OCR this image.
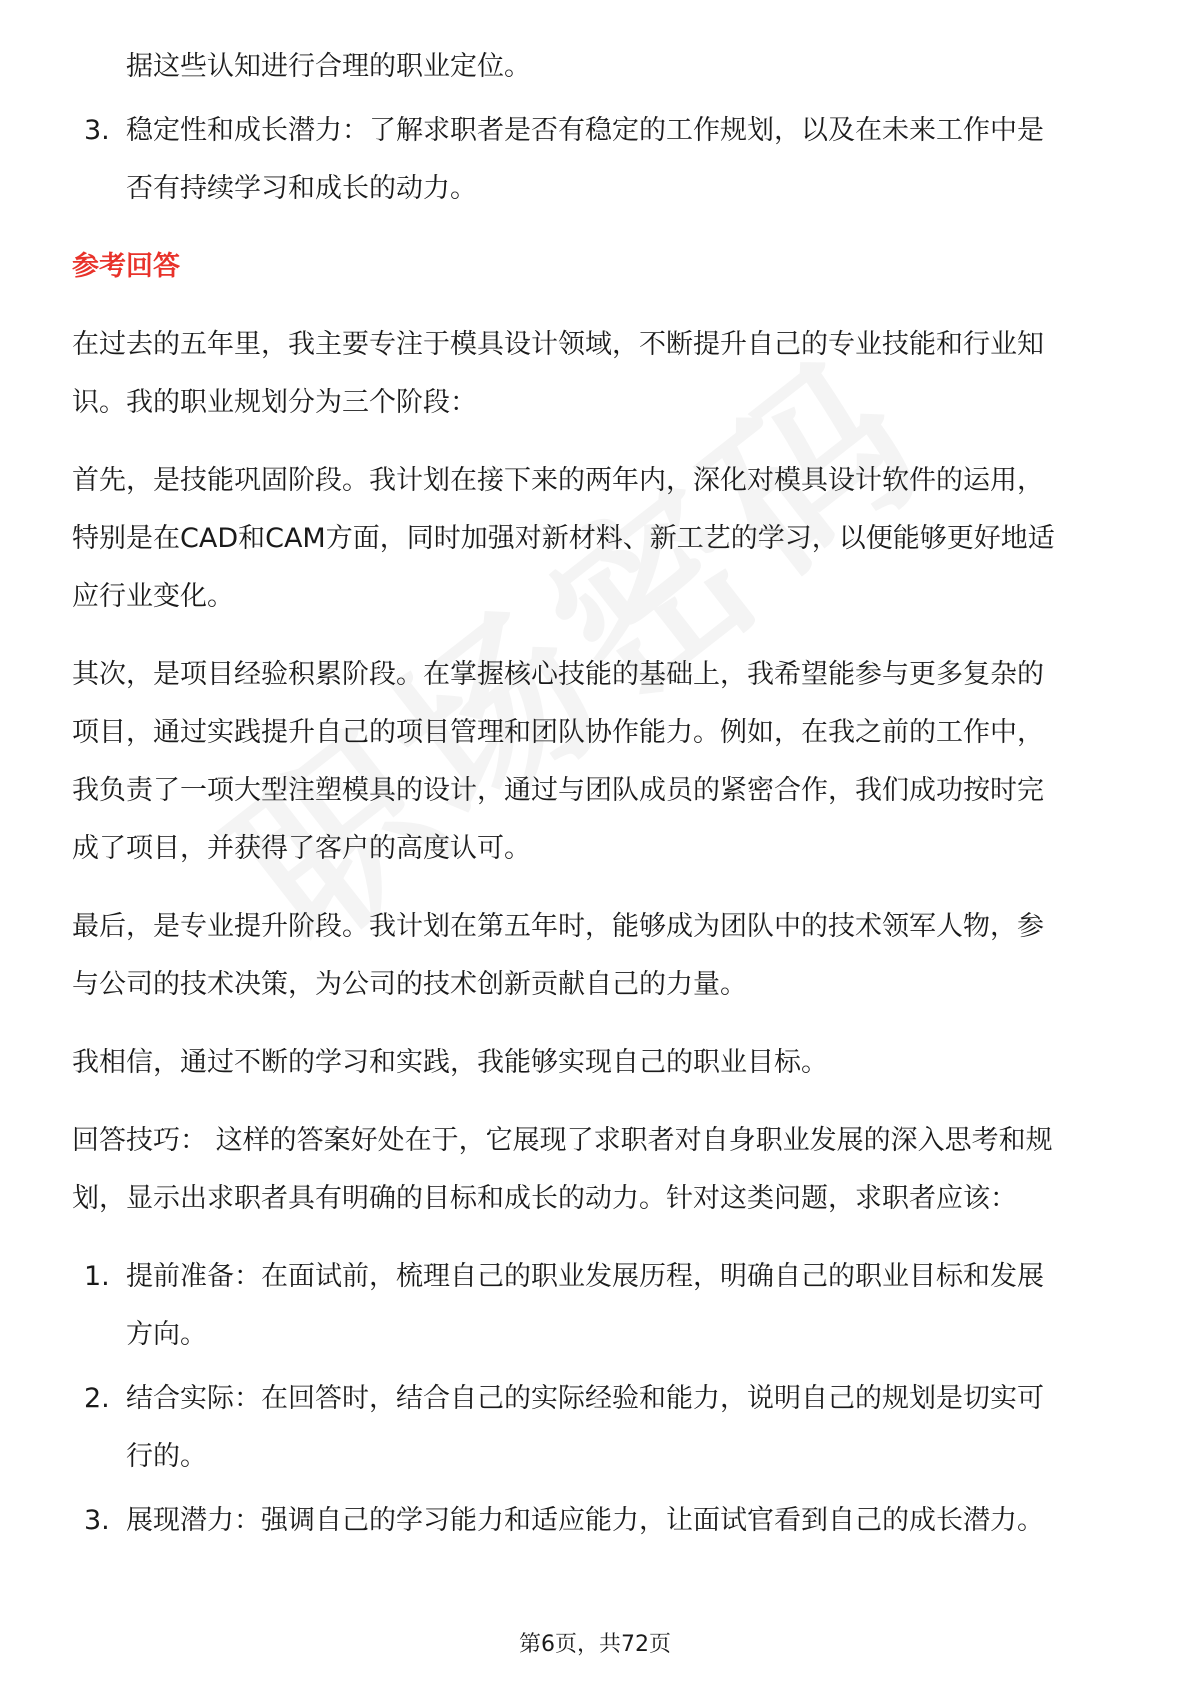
据这些认知进行合理的职业定位。
3. 稳定性和成长潜力：了解求职者是否有稳定的工作规划，以及在未来工作中是
否有持续学习和成长的动力。
参考回答
在过去的五年里，我主要专注于模具设计领域，不断提升自己的专业技能和行业知
识。我的职业规划分为三个阶段：
首先，是技能巩固阶段。我计划在接下来的两年内，深化对模具设计软件的运用，
特别是在CAD和CAM方面，同时加强对新材料、新工艺的学习，以便能够更好地适
应行业变化。
其次，是项目经验积累阶段。在掌握核心技能的基础上，我希望能参与更多复杂的
项目，通过实践提升自己的项目管理和团队协作能力。例如，在我之前的工作中，
我负责了一项大型注塑模具的设计，通过与团队成员的紧密合作，我们成功按时完
成了项目，并获得了客户的高度认可。
最后，是专业提升阶段。我计划在第五年时，能够成为团队中的技术领军人物，参
与公司的技术决策，为公司的技术创新贡献自己的力量。
我相信，通过不断的学习和实践，我能够实现自己的职业目标。
回答技巧： 这样的答案好处在于，它展现了求职者对自身职业发展的深入思考和规
划，显示出求职者具有明确的目标和成长的动力。针对这类问题，求职者应该：
1. 提前准备：在面试前，梳理自己的职业发展历程，明确自己的职业目标和发展
方向。
2. 结合实际：在回答时，结合自己的实际经验和能力，说明自己的规划是切实可
行的。
3. 展现潜力：强调自己的学习能力和适应能力，让面试官看到自己的成长潜力。
第6页，共72页
